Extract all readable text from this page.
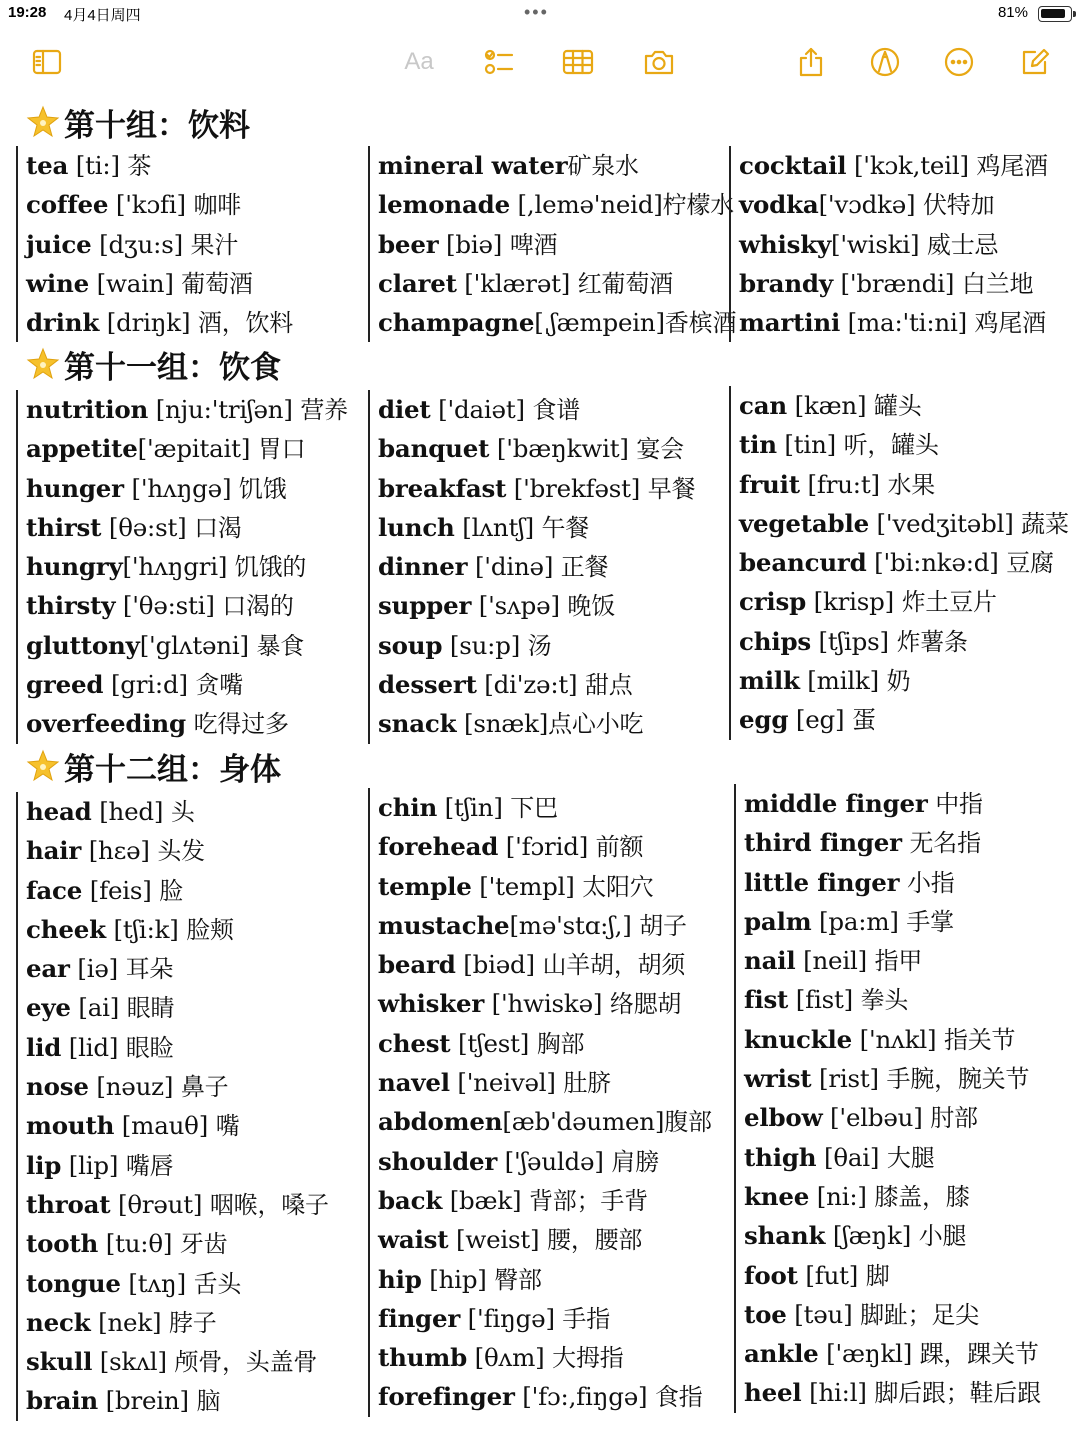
19:28 4月4日周四	•••	81%
Aa
第十组：饮料
第十一组：饮食
第十二组：身体
tea [ti:] 茶
coffee ['kɔfi] 咖啡
juice [dʒu:s] 果汁
wine [wain] 葡萄酒
drink [driŋk] 酒，饮料
mineral water矿泉水
lemonade [,lemə'neid]柠檬水
beer [biə] 啤酒
claret ['klærət] 红葡萄酒
champagne[ˌʃæmpein]香槟酒
cocktail ['kɔk,teil] 鸡尾酒
vodka['vɔdkə] 伏特加
whisky['wiski] 威士忌
brandy ['brændi] 白兰地
martini [ma:'ti:ni] 鸡尾酒
nutrition [nju:'triʃən] 营养
appetite['æpitait] 胃口
hunger ['hʌŋgə] 饥饿
thirst [θə:st] 口渴
hungry['hʌŋgri] 饥饿的
thirsty ['θə:sti] 口渴的
gluttony['glʌtəni] 暴食
greed [gri:d] 贪嘴
overfeeding 吃得过多
diet ['daiət] 食谱
banquet ['bæŋkwit] 宴会
breakfast ['brekfəst] 早餐
lunch [lʌntʃ] 午餐
dinner ['dinə] 正餐
supper ['sʌpə] 晚饭
soup [su:p] 汤
dessert [di'zə:t] 甜点
snack [snæk]点心小吃
can [kæn] 罐头
tin [tin] 听，罐头
fruit [fru:t] 水果
vegetable ['vedʒitəbl] 蔬菜
beancurd ['bi:nkə:d] 豆腐
crisp [krisp] 炸土豆片
chips [tʃips] 炸薯条
milk [milk] 奶
egg [eg] 蛋
head [hed] 头
hair [hɛə] 头发
face [feis] 脸
cheek [tʃi:k] 脸颊
ear [iə] 耳朵
eye [ai] 眼睛
lid [lid] 眼睑
nose [nəuz] 鼻子
mouth [mauθ] 嘴
lip [lip] 嘴唇
throat [θrəut] 咽喉，嗓子
tooth [tu:θ] 牙齿
tongue [tʌŋ] 舌头
neck [nek] 脖子
skull [skʌl] 颅骨，头盖骨
brain [brein] 脑
chin [tʃin] 下巴
forehead ['fɔrid] 前额
temple ['templ] 太阳穴
mustache[mə'stɑ:ʃ,] 胡子
beard [biəd] 山羊胡，胡须
whisker ['hwiskə] 络腮胡
chest [tʃest] 胸部
navel ['neivəl] 肚脐
abdomen[æb'dəumen]腹部
shoulder ['ʃəuldə] 肩膀
back [bæk] 背部；手背
waist [weist] 腰，腰部
hip [hip] 臀部
finger ['fiŋgə] 手指
thumb [θʌm] 大拇指
forefinger ['fɔ:,fiŋgə] 食指
middle finger 中指
third finger 无名指
little finger 小指
palm [pa:m] 手掌
nail [neil] 指甲
fist [fist] 拳头
knuckle ['nʌkl] 指关节
wrist [rist] 手腕，腕关节
elbow ['elbəu] 肘部
thigh [θai] 大腿
knee [ni:] 膝盖，膝
shank [ʃæŋk] 小腿
foot [fut] 脚
toe [təu] 脚趾；足尖
ankle ['æŋkl] 踝，踝关节
heel [hi:l] 脚后跟；鞋后跟
